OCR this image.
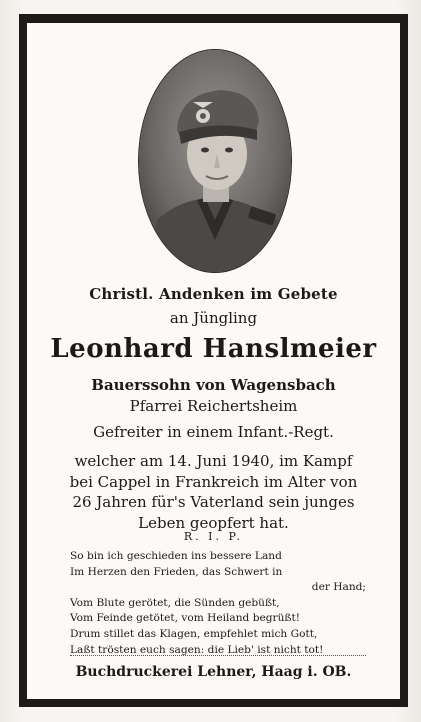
Christl. Andenken im Gebete
an Jüngling
Leonhard Hanslmeier
Bauerssohn von Wagensbach
Pfarrei Reichertsheim
Gefreiter in einem Infant.-Regt.
welcher am 14. Juni 1940, im Kampf
bei Cappel in Frankreich im Alter von
26 Jahren für's Vaterland sein junges
Leben geopfert hat.
R. I. P.
So bin ich geschieden ins bessere Land
Im Herzen den Frieden, das Schwert in
der Hand;
Vom Blute gerötet, die Sünden gebüßt,
Vom Feinde getötet, vom Heiland begrüßt!
Drum stillet das Klagen, empfehlet mich Gott,
Laßt trösten euch sagen: die Lieb' ist nicht tot!
Buchdruckerei Lehner, Haag i. OB.
